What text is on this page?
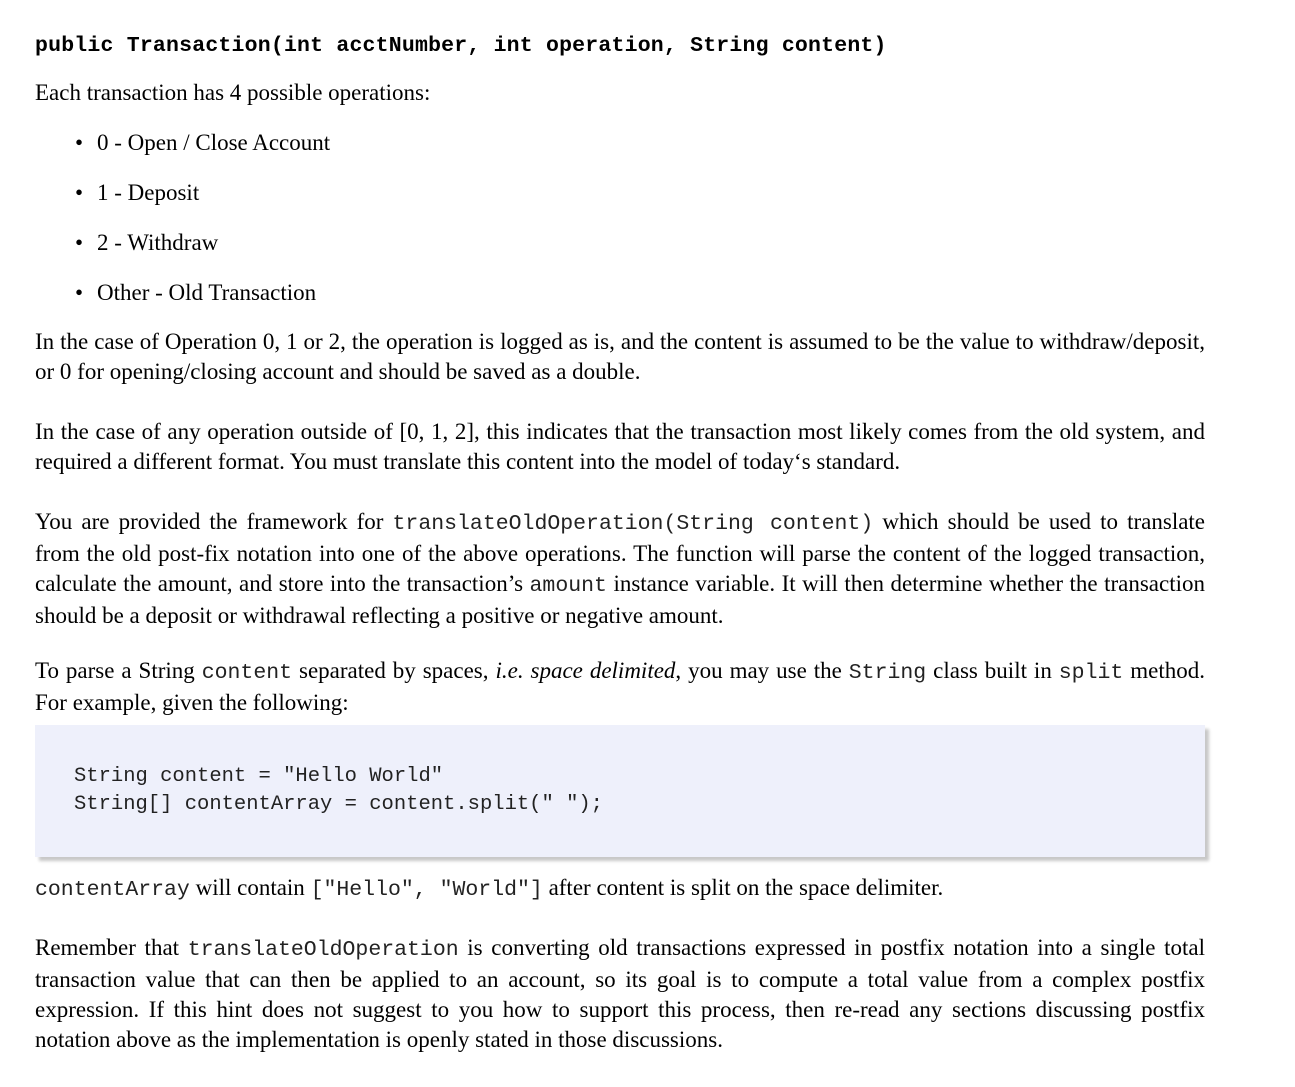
public Transaction(int acctNumber, int operation, String content)

Each transaction has 4 possible operations:

• 0 - Open / Close Account
• 1 - Deposit
• 2 - Withdraw
• Other - Old Transaction

In the case of Operation 0, 1 or 2, the operation is logged as is, and the content is assumed to be the value to withdraw/deposit, or 0 for opening/closing account and should be saved as a double.

In the case of any operation outside of [0, 1, 2], this indicates that the transaction most likely comes from the old system, and required a different format. You must translate this content into the model of today‘s standard.

You are provided the framework for translateOldOperation(String content) which should be used to translate from the old post-fix notation into one of the above operations. The function will parse the content of the logged transaction, calculate the amount, and store into the transaction’s amount instance variable. It will then determine whether the transaction should be a deposit or withdrawal reflecting a positive or negative amount.

To parse a String content separated by spaces, i.e. space delimited, you may use the String class built in split method. For example, given the following:

String content = "Hello World"
String[] contentArray = content.split(" ");

contentArray will contain ["Hello", "World"] after content is split on the space delimiter.

Remember that translateOldOperation is converting old transactions expressed in postfix notation into a single total transaction value that can then be applied to an account, so its goal is to compute a total value from a complex postfix expression. If this hint does not suggest to you how to support this process, then re-read any sections discussing postfix notation above as the implementation is openly stated in those discussions.
